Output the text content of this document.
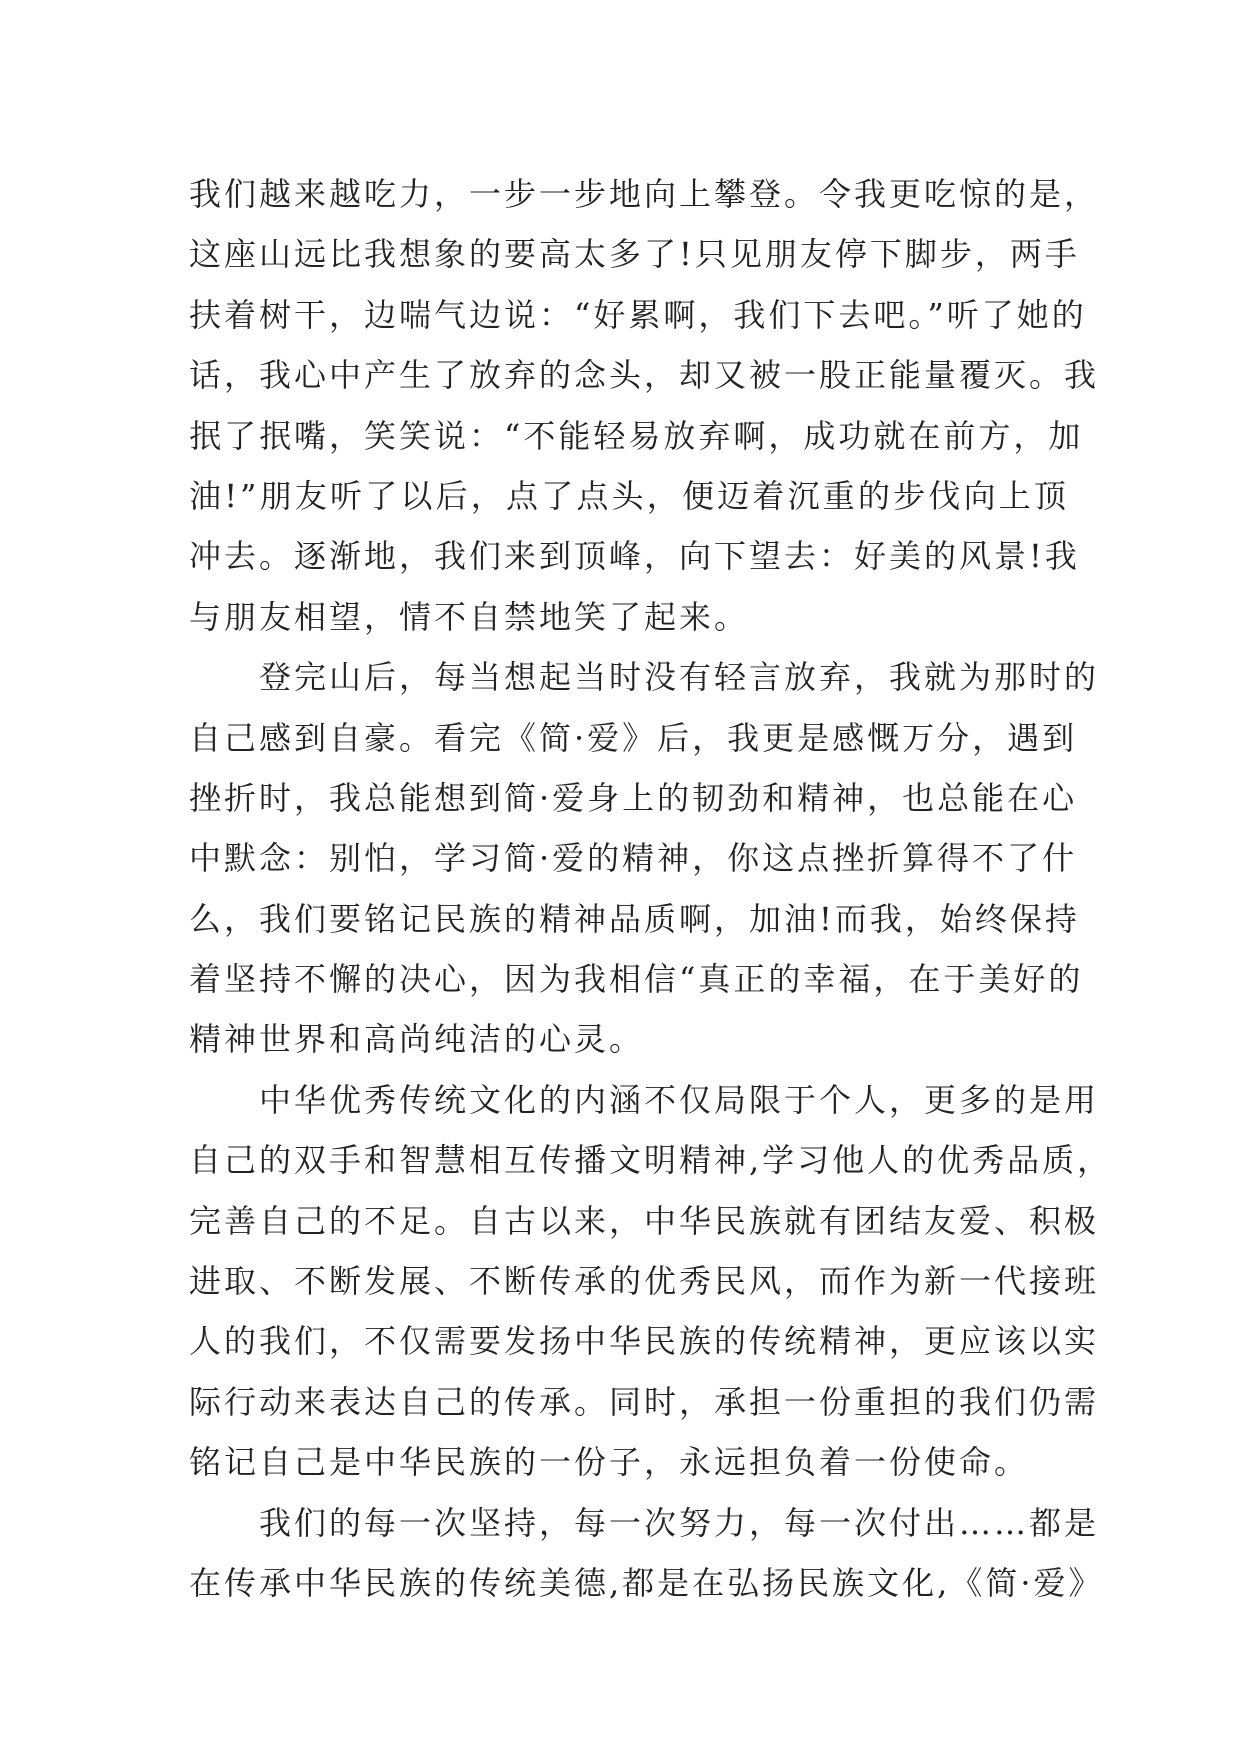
我们越来越吃力，一步一步地向上攀登。令我更吃惊的是，
这座山远比我想象的要高太多了!只见朋友停下脚步，两手
扶着树干，边喘气边说：“好累啊，我们下去吧。”听了她的
话，我心中产生了放弃的念头，却又被一股正能量覆灭。我
抿了抿嘴，笑笑说：“不能轻易放弃啊，成功就在前方，加
油!”朋友听了以后，点了点头，便迈着沉重的步伐向上顶
冲去。逐渐地，我们来到顶峰，向下望去：好美的风景!我
与朋友相望，情不自禁地笑了起来。
　　登完山后，每当想起当时没有轻言放弃，我就为那时的
自己感到自豪。看完《简·爱》后，我更是感慨万分，遇到
挫折时，我总能想到简·爱身上的韧劲和精神，也总能在心
中默念：别怕，学习简·爱的精神，你这点挫折算得不了什
么，我们要铭记民族的精神品质啊，加油!而我，始终保持
着坚持不懈的决心，因为我相信“真正的幸福，在于美好的
精神世界和高尚纯洁的心灵。
　　中华优秀传统文化的内涵不仅局限于个人，更多的是用
自己的双手和智慧相互传播文明精神,学习他人的优秀品质，
完善自己的不足。自古以来，中华民族就有团结友爱、积极
进取、不断发展、不断传承的优秀民风，而作为新一代接班
人的我们，不仅需要发扬中华民族的传统精神，更应该以实
际行动来表达自己的传承。同时，承担一份重担的我们仍需
铭记自己是中华民族的一份子，永远担负着一份使命。
　　我们的每一次坚持，每一次努力，每一次付出……都是
在传承中华民族的传统美德,都是在弘扬民族文化,《简·爱》
